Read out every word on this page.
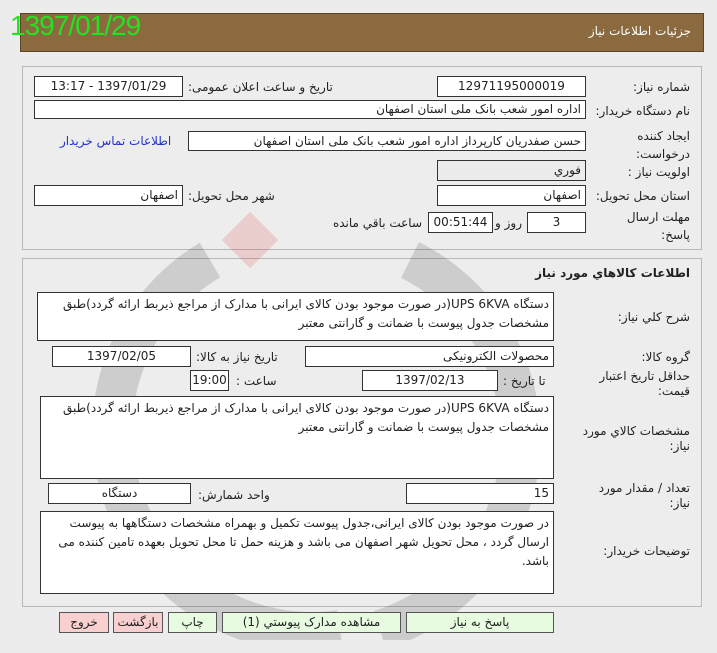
جزئیات اطلاعات نیاز
1397/01/29
شماره نیاز:
12971195000019
تاریخ و ساعت اعلان عمومی:
1397/01/29 - 13:17
نام دستگاه خریدار:
اداره امور شعب بانک ملی استان اصفهان
ایجاد کننده درخواست:
حسن صفدریان کارپرداز اداره امور شعب بانک ملی استان اصفهان
اطلاعات تماس خریدار
اولویت نیاز :
فوري
استان محل تحویل:
اصفهان
شهر محل تحویل:
اصفهان
مهلت ارسال پاسخ:
3
روز و
00:51:44
ساعت باقي مانده
اطلاعات کالاهاي مورد نياز
شرح کلي نياز:
دستگاه UPS 6KVA(در صورت موجود بودن کالای ایرانی با مدارک از مراجع ذیربط ارائه گردد)طبق مشخصات جدول پیوست با ضمانت و گارانتی معتبر
گروه کالا:
محصولات الکترونیکی
تاریخ نیاز به کالا:
1397/02/05
حداقل تاریخ اعتبار قیمت:
تا تاریخ :
1397/02/13
ساعت :
19:00
مشخصات کالاي مورد نياز:
دستگاه UPS 6KVA(در صورت موجود بودن کالای ایرانی با مدارک از مراجع ذیربط ارائه گردد)طبق مشخصات جدول پیوست با ضمانت و گارانتی معتبر
تعداد / مقدار مورد نیاز:
15
واحد شمارش:
دستگاه
توضیحات خریدار:
در صورت موجود بودن کالای ایرانی،جدول پیوست تکمیل و بهمراه مشخصات دستگاهها به پیوست ارسال گردد ، محل تحویل شهر اصفهان می باشد و هزینه حمل تا محل تحویل بعهده تامین کننده می باشد.
پاسخ به نیاز
مشاهده مدارک پیوستي (1)
چاپ
بازگشت
خروج
